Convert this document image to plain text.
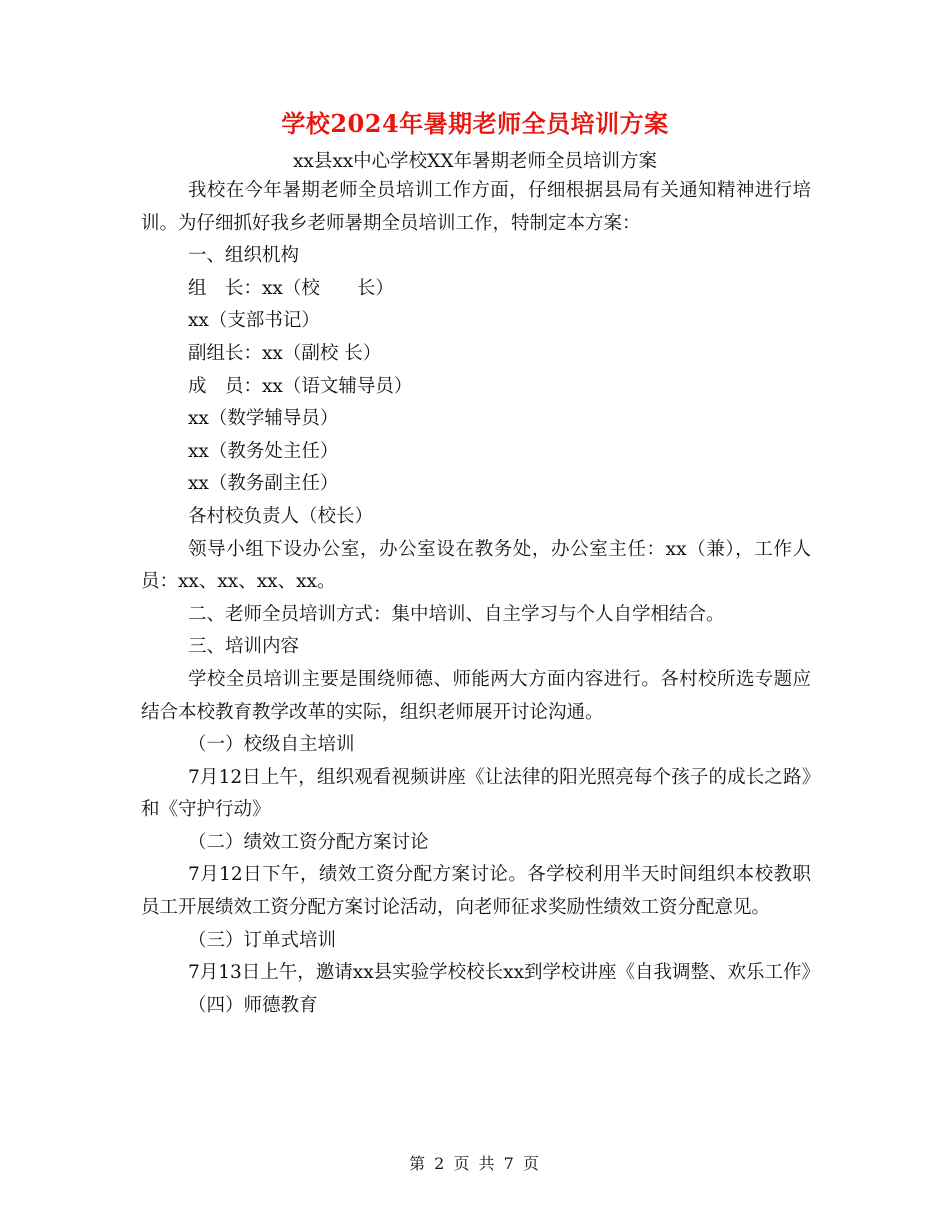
学校2024年暑期老师全员培训方案
xx县xx中心学校XX年暑期老师全员培训方案

我校在今年暑期老师全员培训工作方面，仔细根据县局有关通知精神进行培训。为仔细抓好我乡老师暑期全员培训工作，特制定本方案：

一、组织机构

组　长：xx（校　　长）

xx（支部书记）

副组长：xx（副校 长）

成　员：xx（语文辅导员）

xx（数学辅导员）

xx（教务处主任）

xx（教务副主任）

各村校负责人（校长）

领导小组下设办公室，办公室设在教务处，办公室主任：xx（兼），工作人员：xx、xx、xx、xx。

二、老师全员培训方式：集中培训、自主学习与个人自学相结合。

三、培训内容

学校全员培训主要是围绕师德、师能两大方面内容进行。各村校所选专题应结合本校教育教学改革的实际，组织老师展开讨论沟通。

（一）校级自主培训

7月12日上午，组织观看视频讲座《让法律的阳光照亮每个孩子的成长之路》和《守护行动》

（二）绩效工资分配方案讨论

7月12日下午，绩效工资分配方案讨论。各学校利用半天时间组织本校教职员工开展绩效工资分配方案讨论活动，向老师征求奖励性绩效工资分配意见。

（三）订单式培训

7月13日上午，邀请xx县实验学校校长xx到学校讲座《自我调整、欢乐工作》

（四）师德教育

第 2 页 共 7 页
